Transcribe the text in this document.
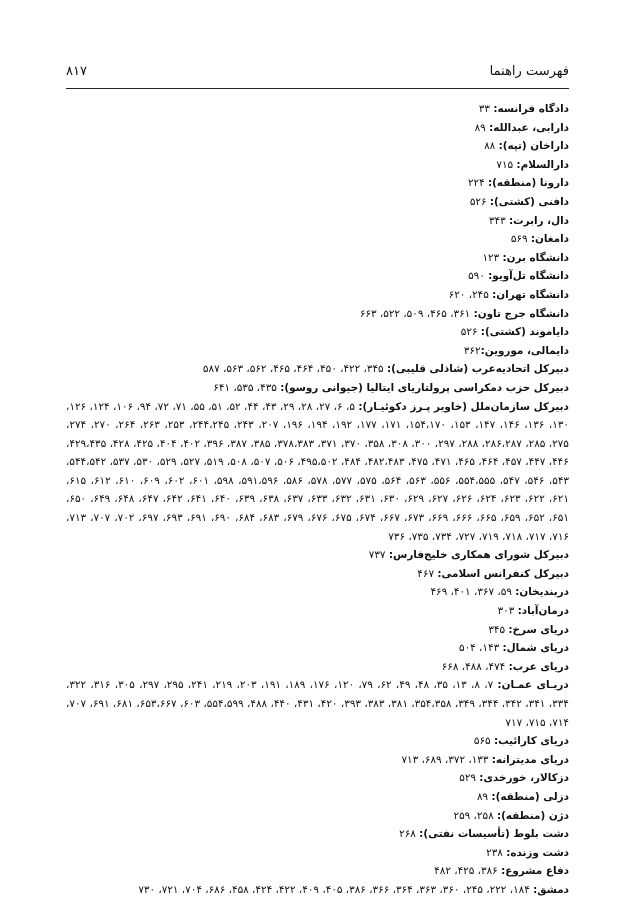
فهرست راهنما
۸۱۷
دادگاه فرانسه: ۳۳
دارابی، عبدالله: ۸۹
داراخان (تپه): ۸۸
دارالسلام: ۷۱۵
دارونا (منطقه): ۲۲۴
دافنی (کشتی): ۵۲۶
دال، رابرت: ۳۴۳
دامغان: ۵۶۹
دانشگاه برن: ۱۲۳
دانشگاه تل‌آویو: ۵۹۰
دانشگاه تهران: ۲۴۵، ۶۲۰
دانشگاه جرج تاون: ۳۶۱، ۴۶۵، ۵۰۹، ۵۲۲، ۶۶۳
دایاموند (کشتی): ۵۲۶
دایمالی، موروین:۳۶۲
دبیرکل اتحادیه‌عرب (شاذلی قلیبی): ۳۴۵، ۴۲۲، ۴۵۰، ۴۶۴، ۴۶۵، ۵۶۲، ۵۶۳، ۵۸۷
دبیرکل حزب دمکراسی پرولتاریای ایتالیا (جیوانی روسو): ۴۳۵، ۵۳۵، ۶۴۱
دبیرکل سازمان‌ملل (خاویر پـرز دکوئیـار): ۵، ۶، ۲۷، ۲۸، ۲۹، ۴۳، ۴۴، ۵۲، ۵۱، ۵۵، ۷۱، ۷۲، ۹۴، ۱۰۶، ۱۲۴، ۱۲۶، ۱۳۰، ۱۳۶، ۱۴۶، ۱۴۷، ۱۵۳، ۱۵۴،۱۷۰، ۱۷۱، ۱۷۷، ۱۹۲، ۱۹۴، ۱۹۶، ۲۰۷، ۲۴۳، ۲۴۴،۲۴۵، ۲۵۳، ۲۶۳، ۲۶۴، ۲۷۰، ۲۷۴، ۲۷۵، ۲۸۵، ۲۸۶،۲۸۷، ۲۸۸، ۲۹۷، ۳۰۰، ۳۰۸، ۳۵۸، ۳۷۰، ۳۷۱، ۳۷۸،۳۸۳، ۳۸۵، ۳۸۷، ۳۹۶، ۴۰۲، ۴۰۴، ۴۲۵، ۴۲۸، ۴۲۹،۴۳۵، ۴۴۶، ۴۴۷، ۴۵۷، ۴۶۴، ۴۶۵، ۴۷۱، ۴۷۵، ۴۸۲،۴۸۳، ۴۸۴، ۴۹۵،۵۰۲، ۵۰۶، ۵۰۷، ۵۰۸، ۵۱۹، ۵۲۷، ۵۲۹، ۵۳۰، ۵۳۷، ۵۴۴،۵۴۲، ۵۴۳، ۵۴۶، ۵۴۷، ۵۵۴،۵۵۵، ۵۵۶، ۵۶۳، ۵۶۴، ۵۷۵، ۵۷۷، ۵۷۸، ۵۸۶، ۵۹۱،۵۹۶، ۵۹۸، ۶۰۱، ۶۰۲، ۶۰۹، ۶۱۰، ۶۱۲، ۶۱۵، ۶۲۱، ۶۲۲، ۶۲۳، ۶۲۴، ۶۲۶، ۶۲۷، ۶۲۹، ۶۳۰، ۶۳۱، ۶۳۲، ۶۳۳، ۶۳۷، ۶۳۸، ۶۳۹، ۶۴۰، ۶۴۱، ۶۴۲، ۶۴۷، ۶۴۸، ۶۴۹، ۶۵۰، ۶۵۱، ۶۵۲، ۶۵۹، ۶۶۵، ۶۶۶، ۶۶۹، ۶۷۳، ۶۶۷، ۶۷۴، ۶۷۵، ۶۷۶، ۶۷۹، ۶۸۳، ۶۸۴، ۶۹۰، ۶۹۱، ۶۹۳، ۶۹۷، ۷۰۲، ۷۰۷، ۷۱۳، ۷۱۶، ۷۱۷، ۷۱۸، ۷۱۹، ۷۲۷، ۷۳۴، ۷۳۵، ۷۳۶
دبیرکل شورای همکاری خلیج‌فارس: ۷۳۷
دبیرکل کنفرانس اسلامی: ۴۶۷
دربندیخان: ۵۹، ۳۶۷، ۴۰۱، ۴۶۹
درمان‌آباد: ۳۰۳
دریای سرخ: ۳۴۵
دریای شمال: ۱۴۳، ۵۰۴
دریای عرب: ۴۷۴، ۴۸۸، ۶۶۸
دریـای عمـان: ۷، ۸، ۱۳، ۳۵، ۴۸، ۴۹، ۶۲، ۷۹، ۱۲۰، ۱۷۶، ۱۸۹، ۱۹۱، ۲۰۳، ۲۱۹، ۲۴۱، ۲۹۵، ۲۹۷، ۳۰۵، ۳۱۶، ۳۲۲، ۳۳۴، ۳۴۱، ۳۴۲، ۳۴۴، ۳۴۹، ۳۵۴،۳۵۸، ۳۸۱، ۳۸۳، ۳۹۳، ۴۲۰، ۴۳۱، ۴۴۰، ۴۸۸، ۵۵۴،۵۹۹، ۶۰۳، ۶۵۳،۶۶۷، ۶۸۱، ۶۹۱، ۷۰۷، ۷۱۴، ۷۱۵، ۷۱۷
دریای کارائیب: ۵۶۵
دریای مدیترانه: ۱۳۳، ۳۷۲، ۶۸۹، ۷۱۳
دزکالار، خورخدی: ۵۲۹
دزلی (منطقه): ۸۹
دژن (منطقه): ۲۵۸، ۲۵۹
دشت بلوط (تأسیسات نفتی): ۲۶۸
دشت وزنده: ۲۳۸
دفاع مشروع: ۳۸۶، ۴۲۵، ۴۸۲
دمشق: ۱۸۴، ۲۲۲، ۲۴۵، ۳۶۰، ۳۶۳، ۳۶۴، ۳۶۶، ۳۸۶، ۴۰۵، ۴۰۹، ۴۲۲، ۴۲۴، ۴۵۸، ۶۸۶، ۷۰۴، ۷۲۱، ۷۳۰
